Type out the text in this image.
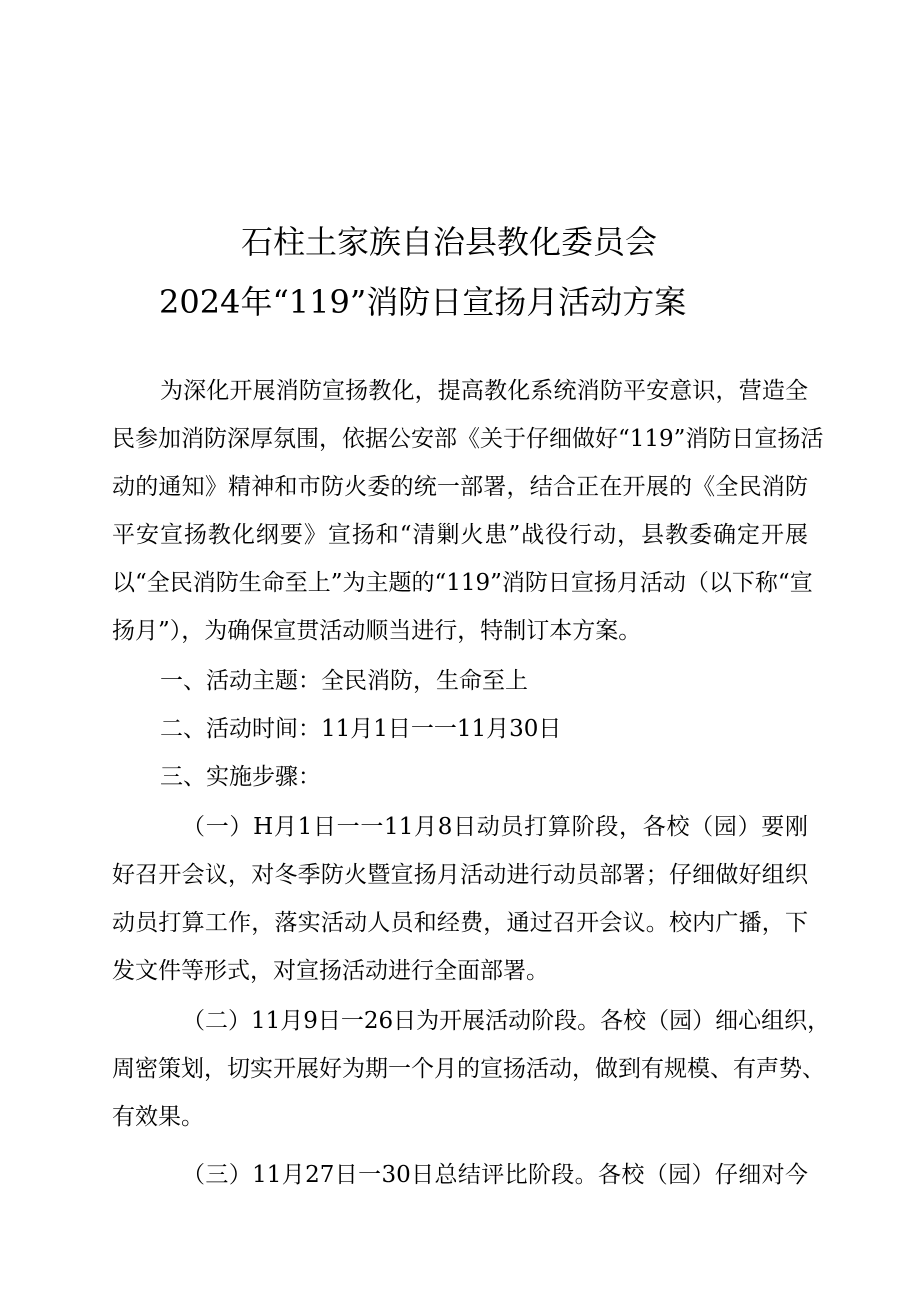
石柱土家族自治县教化委员会
2024年“119”消防日宣扬月活动方案
为深化开展消防宣扬教化，提高教化系统消防平安意识，营造全
民参加消防深厚氛围，依据公安部《关于仔细做好“119”消防日宣扬活
动的通知》精神和市防火委的统一部署，结合正在开展的《全民消防
平安宣扬教化纲要》宣扬和“清剿火患”战役行动，县教委确定开展
以“全民消防生命至上”为主题的“119”消防日宣扬月活动（以下称“宣
扬月”），为确保宣贯活动顺当进行，特制订本方案。
一、活动主题：全民消防，生命至上
二、活动时间：11月1日一一11月30日
三、实施步骤：
（一）H月1日一一11月8日动员打算阶段，各校（园）要刚
好召开会议，对冬季防火暨宣扬月活动进行动员部署；仔细做好组织
动员打算工作，落实活动人员和经费，通过召开会议。校内广播，下
发文件等形式，对宣扬活动进行全面部署。
（二）11月9日一26日为开展活动阶段。各校（园）细心组织，
周密策划，切实开展好为期一个月的宣扬活动，做到有规模、有声势、
有效果。
（三）11月27日一30日总结评比阶段。各校（园）仔细对今
